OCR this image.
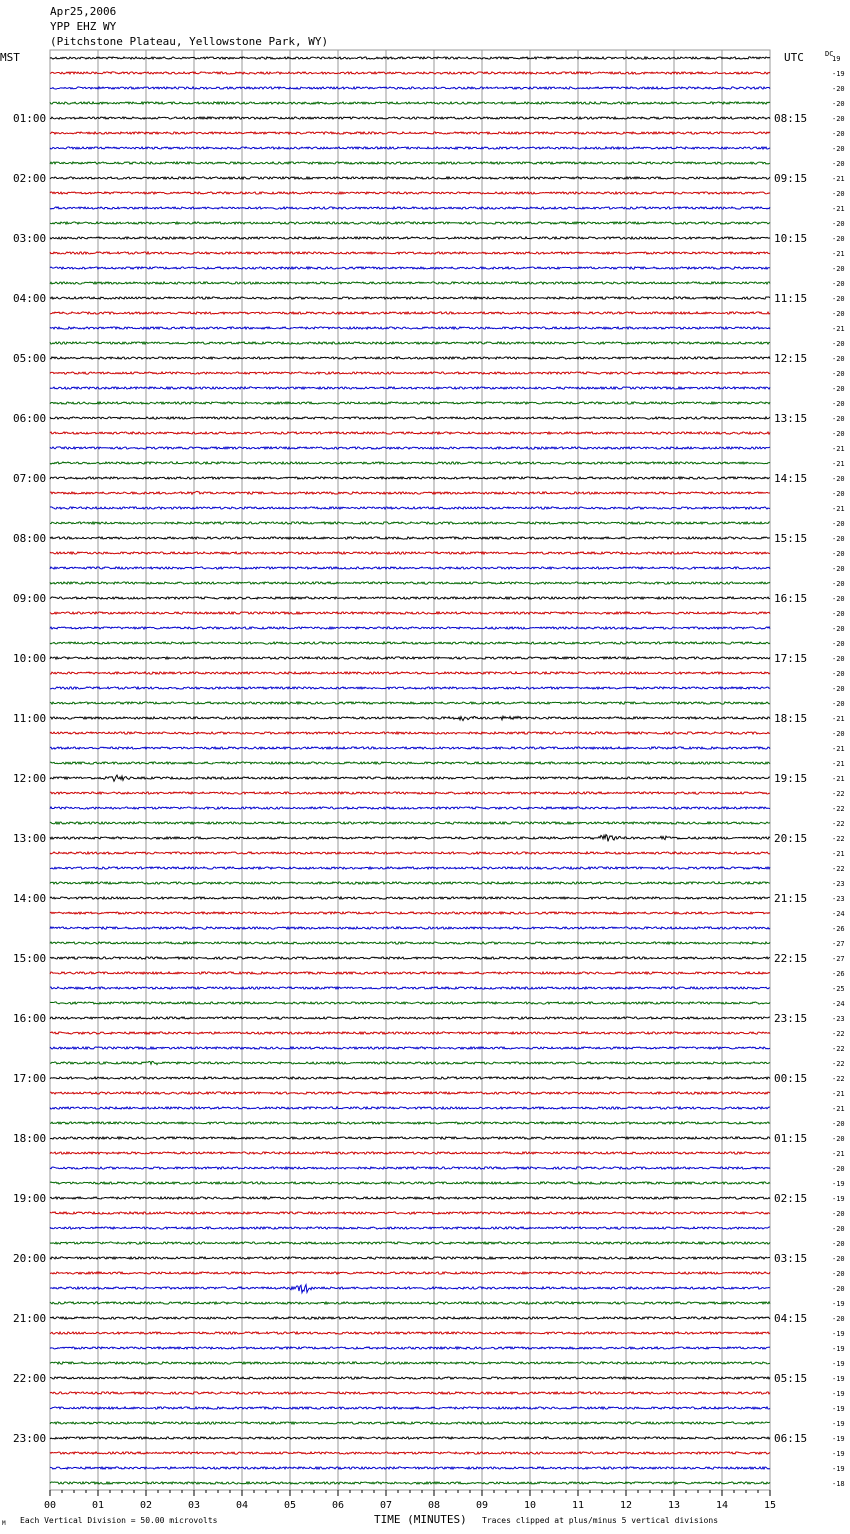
Apr25,2006
YPP EHZ WY
(Pitchstone Plateau, Yellowstone Park, WY)
MST	UTC	DC
00	01	02	03	04	05	06	07	08	09	10	11	12	13	14	15
19
-19
-20
-20
-20
01:00	08:15
-20
-20
-20
-21
02:00	09:15
-20
-21
-20
-20
03:00	10:15
-21
-20
-20
-20
04:00	11:15
-20
-21
-20
-20
05:00	12:15
-20
-20
-20
-20
06:00	13:15
-20
-21
-21
-20
07:00	14:15
-20
-21
-20
-20
08:00	15:15
-20
-20
-20
-20
09:00	16:15
-20
-20
-20
-20
10:00	17:15
-20
-20
-20
-21
11:00	18:15
-20
-21
-21
-21
12:00	19:15
-22
-22
-22
-22
13:00	20:15
-21
-22
-23
-23
14:00	21:15
-24
-26
-27
-27
15:00	22:15
-26
-25
-24
-23
16:00	23:15
-22
-22
-22
-22
17:00	00:15
-21
-21
-20
-20
18:00	01:15
-21
-20
-19
-19
19:00	02:15
-20
-20
-20
-20
20:00	03:15
-20
-20
-19
-20
21:00	04:15
-19
-19
-19
-19
22:00	05:15
-19
-19
-19
-19
23:00	06:15
-19
-19
-18
M Each Vertical Division = 50.00 microvolts	TIME (MINUTES) Traces clipped at plus/minus 5 vertical divisions
